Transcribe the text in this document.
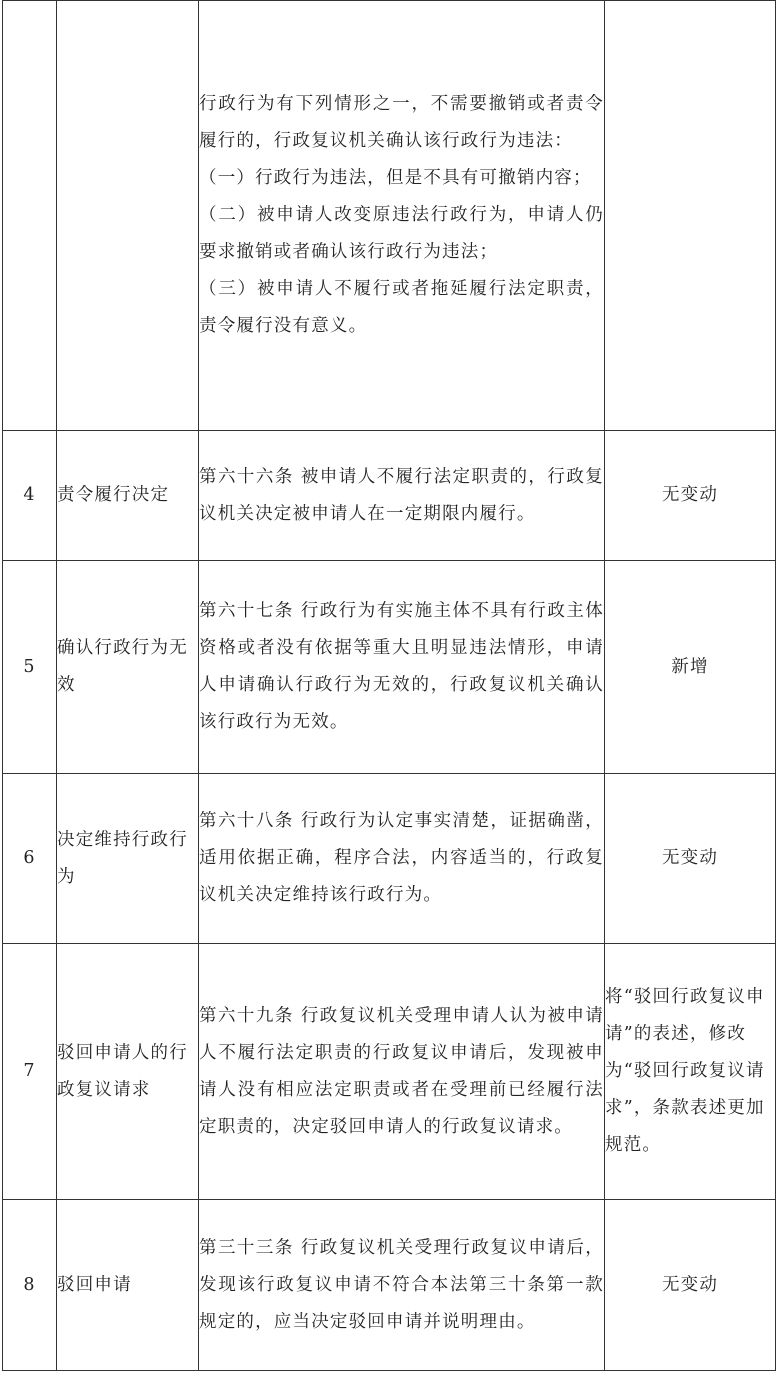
		行政行为有下列情形之一，不需要撤销或者责令履行的，行政复议机关确认该行政行为违法：

（一）行政行为违法，但是不具有可撤销内容；

（二）被申请人改变原违法行政行为，申请人仍要求撤销或者确认该行政行为违法；

（三）被申请人不履行或者拖延履行法定职责，责令履行没有意义。	

4	责令履行决定	第六十六条 被申请人不履行法定职责的，行政复议机关决定被申请人在一定期限内履行。	无变动
5	确认行政行为无效	第六十七条 行政行为有实施主体不具有行政主体资格或者没有依据等重大且明显违法情形，申请人申请确认行政行为无效的，行政复议机关确认该行政行为无效。	新增
6	决定维持行政行为	第六十八条 行政行为认定事实清楚，证据确凿，适用依据正确，程序合法，内容适当的，行政复议机关决定维持该行政行为。	无变动
7	驳回申请人的行政复议请求	第六十九条 行政复议机关受理申请人认为被申请人不履行法定职责的行政复议申请后，发现被申请人没有相应法定职责或者在受理前已经履行法定职责的，决定驳回申请人的行政复议请求。	将“驳回行政复议申请”的表述，修改为“驳回行政复议请求”，条款表述更加规范。
8	驳回申请	第三十三条 行政复议机关受理行政复议申请后，发现该行政复议申请不符合本法第三十条第一款规定的，应当决定驳回申请并说明理由。	无变动
